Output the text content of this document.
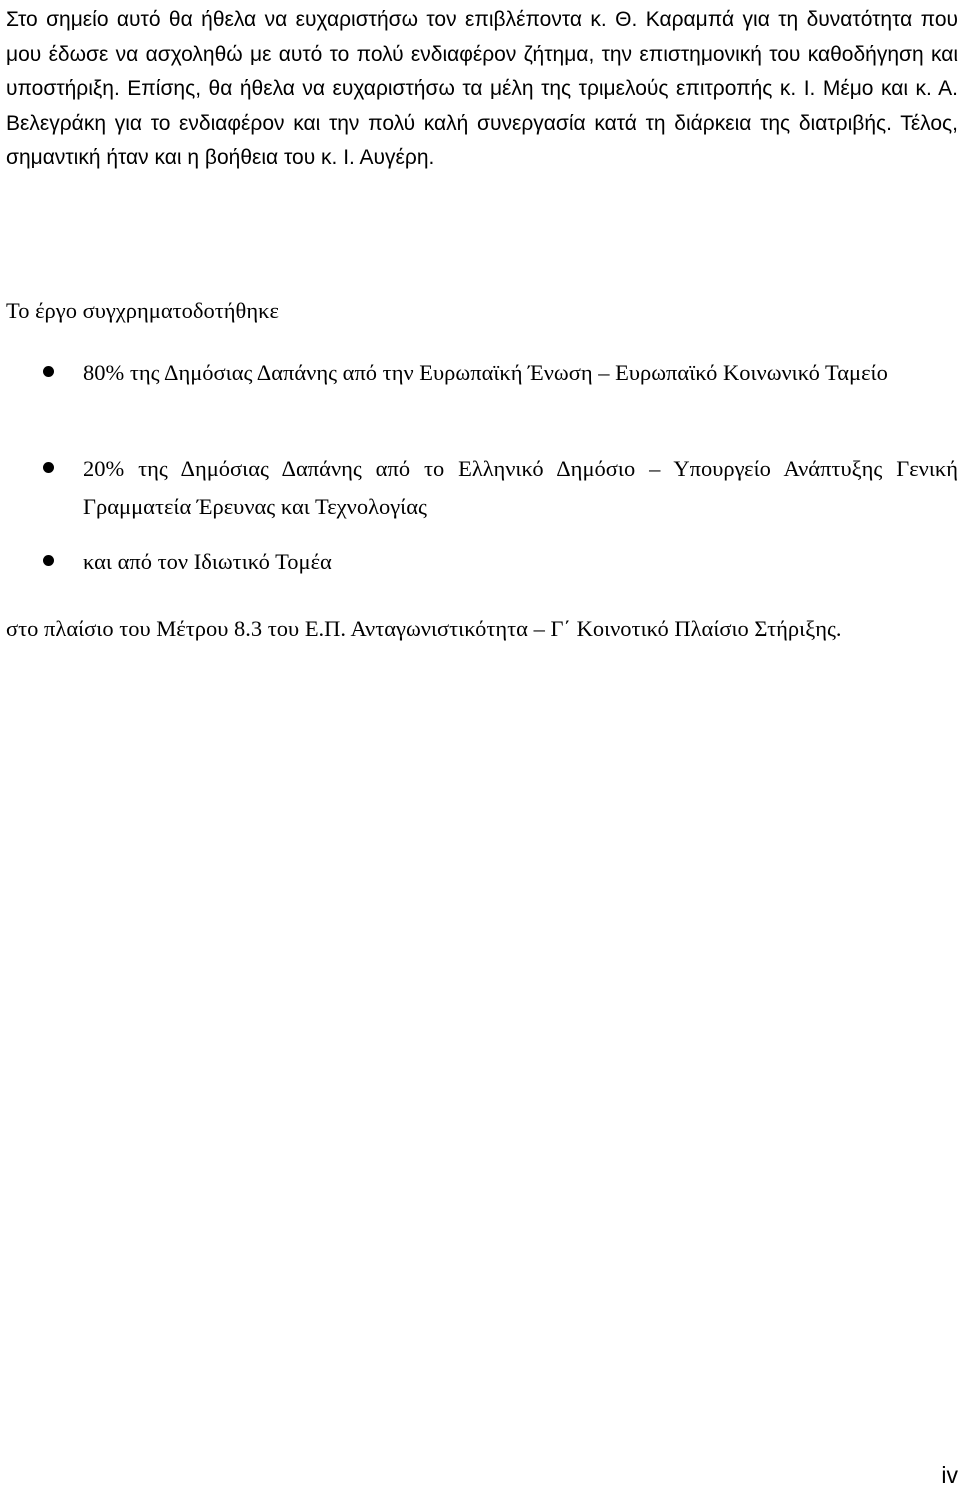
Στο σημείο αυτό θα ήθελα να ευχαριστήσω τον επιβλέποντα κ. Θ. Καραμπά για τη δυνατότητα που μου έδωσε να ασχοληθώ με αυτό το πολύ ενδιαφέρον ζήτημα, την επιστημονική του καθοδήγηση και υποστήριξη. Επίσης, θα ήθελα να ευχαριστήσω τα μέλη της τριμελούς επιτροπής κ. Ι. Μέμο και κ. Α. Βελεγράκη για το ενδιαφέρον και την πολύ καλή συνεργασία κατά τη διάρκεια της διατριβής. Τέλος, σημαντική ήταν και η βοήθεια του κ. Ι. Αυγέρη.

Το έργο συγχρηματοδοτήθηκε

80% της Δημόσιας Δαπάνης από την Ευρωπαϊκή Ένωση – Ευρωπαϊκό Κοινωνικό Ταμείο
20% της Δημόσιας Δαπάνης από το Ελληνικό Δημόσιο – Υπουργείο Ανάπτυξης Γενική Γραμματεία Έρευνας και Τεχνολογίας
και από τον Ιδιωτικό Τομέα

στο πλαίσιο του Μέτρου 8.3 του Ε.Π. Ανταγωνιστικότητα – Γ΄ Κοινοτικό Πλαίσιο Στήριξης.

iv
